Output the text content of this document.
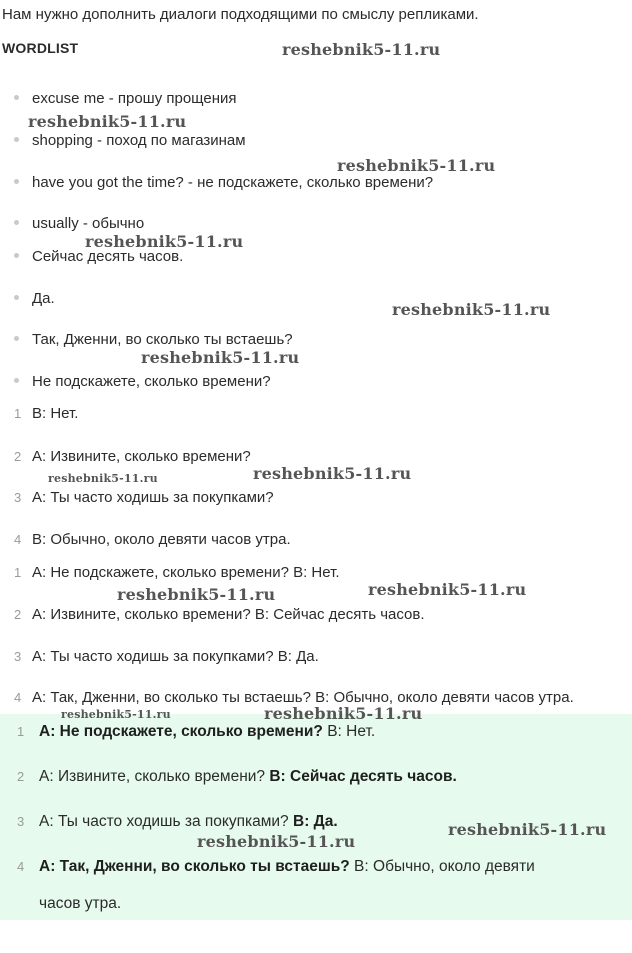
Нам нужно дополнить диалоги подходящими по смыслу репликами.
WORDLIST
excuse me - прошу прощения
shopping - поход по магазинам
have you got the time? - не подскажете, сколько времени?
usually - обычно
Сейчас десять часов.
Да.
Так, Дженни, во сколько ты встаешь?
Не подскажете, сколько времени?
1 B: Нет.
2 A: Извините, сколько времени?
3 A: Ты часто ходишь за покупками?
4 B: Обычно, около девяти часов утра.
1 A: Не подскажете, сколько времени? B: Нет.
2 A: Извините, сколько времени? B: Сейчас десять часов.
3 A: Ты часто ходишь за покупками? B: Да.
4 A: Так, Дженни, во сколько ты встаешь? B: Обычно, около девяти часов утра.
1 A: Не подскажете, сколько времени? B: Нет.
2 A: Извините, сколько времени? B: Сейчас десять часов.
3 A: Ты часто ходишь за покупками? B: Да.
4 A: Так, Дженни, во сколько ты встаешь? B: Обычно, около девяти
часов утра.
reshebnik5-11.ru
reshebnik5-11.ru
reshebnik5-11.ru
reshebnik5-11.ru
reshebnik5-11.ru
reshebnik5-11.ru
reshebnik5-11.ru	reshebnik5-11.ru
reshebnik5-11.ru	reshebnik5-11.ru
reshebnik5-11.ru	reshebnik5-11.ru
reshebnik5-11.ru
reshebnik5-11.ru
